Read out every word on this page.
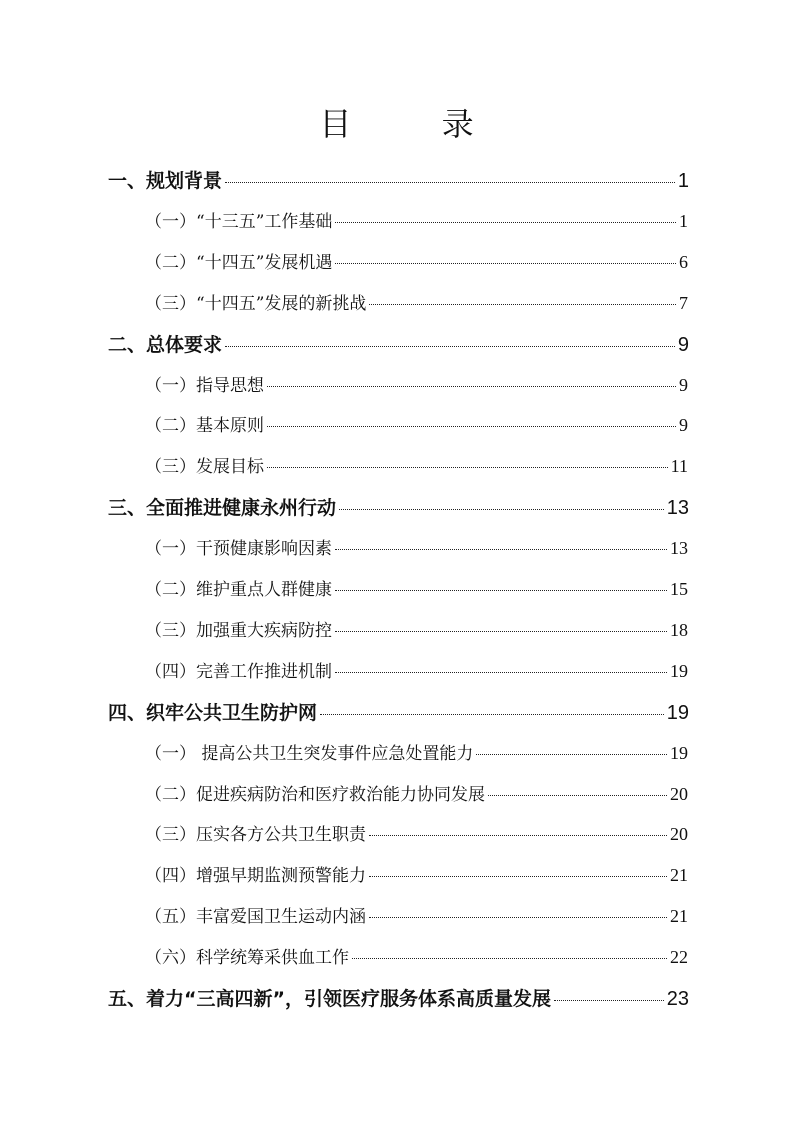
目 录
一、规划背景	1
（一）“十三五”工作基础	1
（二）“十四五”发展机遇	6
（三）“十四五”发展的新挑战	7
二、总体要求	9
（一）指导思想	9
（二）基本原则	9
（三）发展目标	11
三、全面推进健康永州行动	13
（一）干预健康影响因素	13
（二）维护重点人群健康	15
（三）加强重大疾病防控	18
（四）完善工作推进机制	19
四、织牢公共卫生防护网	19
（一） 提高公共卫生突发事件应急处置能力	19
（二）促进疾病防治和医疗救治能力协同发展	20
（三）压实各方公共卫生职责	20
（四）增强早期监测预警能力	21
（五）丰富爱国卫生运动内涵	21
（六）科学统筹采供血工作	22
五、着力“三高四新”，引领医疗服务体系高质量发展	23
